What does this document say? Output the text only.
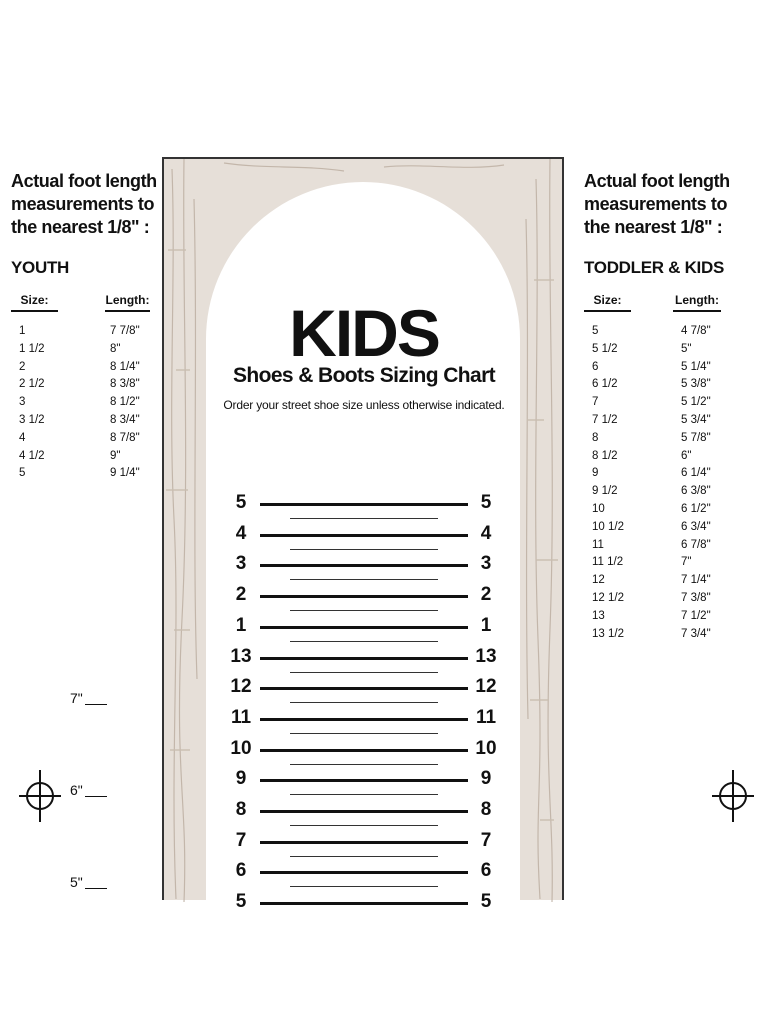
Actual foot length
measurements to
the nearest 1/8" :
YOUTH
Size:	Length:
1	7 7/8"
1 1/2	8"
2	8 1/4"
2 1/2	8 3/8"
3	8 1/2"
3 1/2	8 3/4"
4	8 7/8"
4 1/2	9"
5	9 1/4"
Actual foot length
measurements to
the nearest 1/8" :
TODDLER & KIDS
Size:	Length:
5	4 7/8"
5 1/2	5"
6	5 1/4"
6 1/2	5 3/8"
7	5 1/2"
7 1/2	5 3/4"
8	5 7/8"
8 1/2	6"
9	6 1/4"
9 1/2	6 3/8"
10	6 1/2"
10 1/2	6 3/4"
11	6 7/8"
11 1/2	7"
12	7 1/4"
12 1/2	7 3/8"
13	7 1/2"
13 1/2	7 3/4"
KIDS
Shoes & Boots Sizing Chart
Order your street shoe size unless otherwise indicated.
5	5
4	4
3	3
2	2
1	1
13	13
12	12
11	11
10	10
9	9
8	8
7	7
6	6
5	5
7"
6"
5"
